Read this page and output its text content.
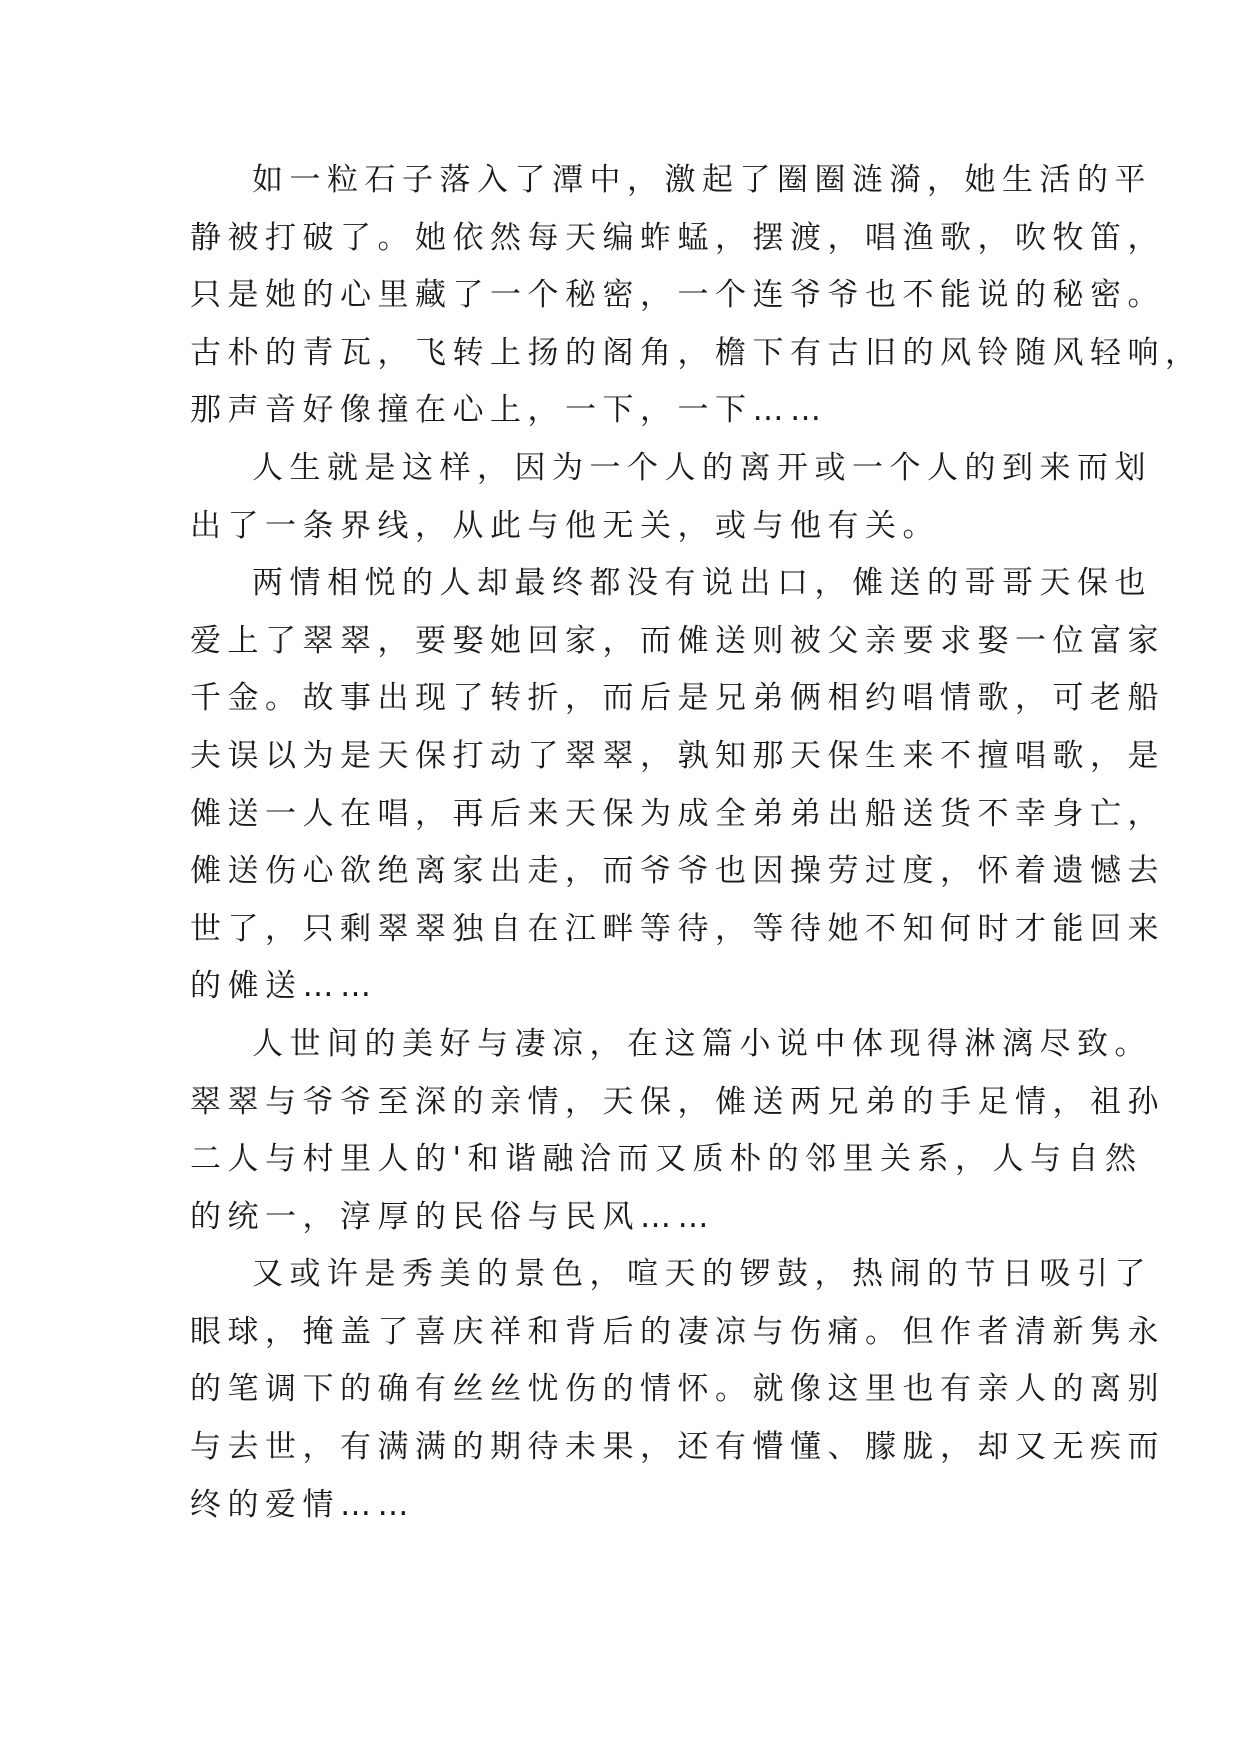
如一粒石子落入了潭中，激起了圈圈涟漪，她生活的平
静被打破了。她依然每天编蚱蜢，摆渡，唱渔歌，吹牧笛，
只是她的心里藏了一个秘密，一个连爷爷也不能说的秘密。
古朴的青瓦，飞转上扬的阁角，檐下有古旧的风铃随风轻响，
那声音好像撞在心上，一下，一下……
人生就是这样，因为一个人的离开或一个人的到来而划
出了一条界线，从此与他无关，或与他有关。
两情相悦的人却最终都没有说出口，傩送的哥哥天保也
爱上了翠翠，要娶她回家，而傩送则被父亲要求娶一位富家
千金。故事出现了转折，而后是兄弟俩相约唱情歌，可老船
夫误以为是天保打动了翠翠，孰知那天保生来不擅唱歌，是
傩送一人在唱，再后来天保为成全弟弟出船送货不幸身亡，
傩送伤心欲绝离家出走，而爷爷也因操劳过度，怀着遗憾去
世了，只剩翠翠独自在江畔等待，等待她不知何时才能回来
的傩送……
人世间的美好与凄凉，在这篇小说中体现得淋漓尽致。
翠翠与爷爷至深的亲情，天保，傩送两兄弟的手足情，祖孙
二人与村里人的'和谐融洽而又质朴的邻里关系，人与自然
的统一，淳厚的民俗与民风……
又或许是秀美的景色，喧天的锣鼓，热闹的节日吸引了
眼球，掩盖了喜庆祥和背后的凄凉与伤痛。但作者清新隽永
的笔调下的确有丝丝忧伤的情怀。就像这里也有亲人的离别
与去世，有满满的期待未果，还有懵懂、朦胧，却又无疾而
终的爱情……
